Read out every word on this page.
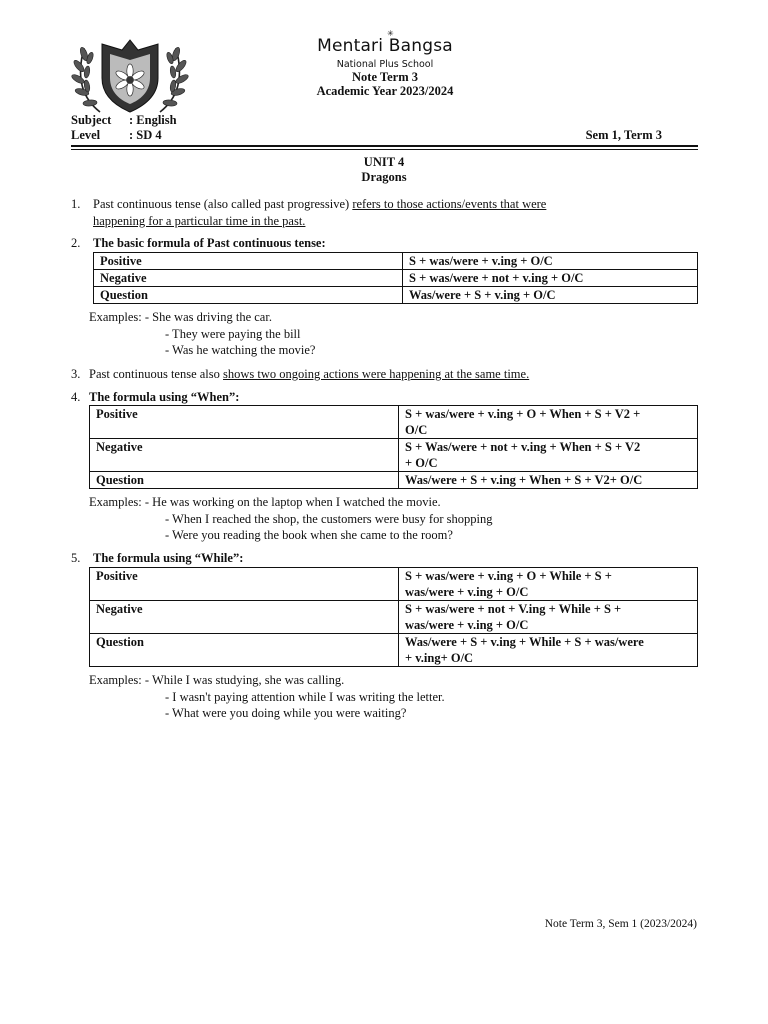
Mentari Bangsa
✳
National Plus School
Note Term 3
Academic Year 2023/2024
Subject : English
Level : SD 4	Sem 1, Term 3
UNIT 4
Dragons
1. Past continuous tense (also called past progressive) refers to those actions/events that were
happening for a particular time in the past.
2. The basic formula of Past continuous tense:
Positive	S + was/were + v.ing + O/C
Negative	S + was/were + not + v.ing + O/C
Question	Was/were + S + v.ing + O/C
Examples: - She was driving the car.
- They were paying the bill
- Was he watching the movie?
3. Past continuous tense also shows two ongoing actions were happening at the same time.
4. The formula using “When”:
Positive	S + was/were + v.ing + O + When + S + V2 +
O/C
Negative	S + Was/were + not + v.ing + When + S + V2
+ O/C
Question	Was/were + S + v.ing + When + S + V2+ O/C
Examples: - He was working on the laptop when I watched the movie.
- When I reached the shop, the customers were busy for shopping
- Were you reading the book when she came to the room?
5. The formula using “While”:
Positive	S + was/were + v.ing + O + While + S +
was/were + v.ing + O/C
Negative	S + was/were + not + V.ing + While + S +
was/were + v.ing + O/C
Question	Was/were + S + v.ing + While + S + was/were
+ v.ing+ O/C
Examples: - While I was studying, she was calling.
- I wasn't paying attention while I was writing the letter.
- What were you doing while you were waiting?
Note Term 3, Sem 1 (2023/2024)
